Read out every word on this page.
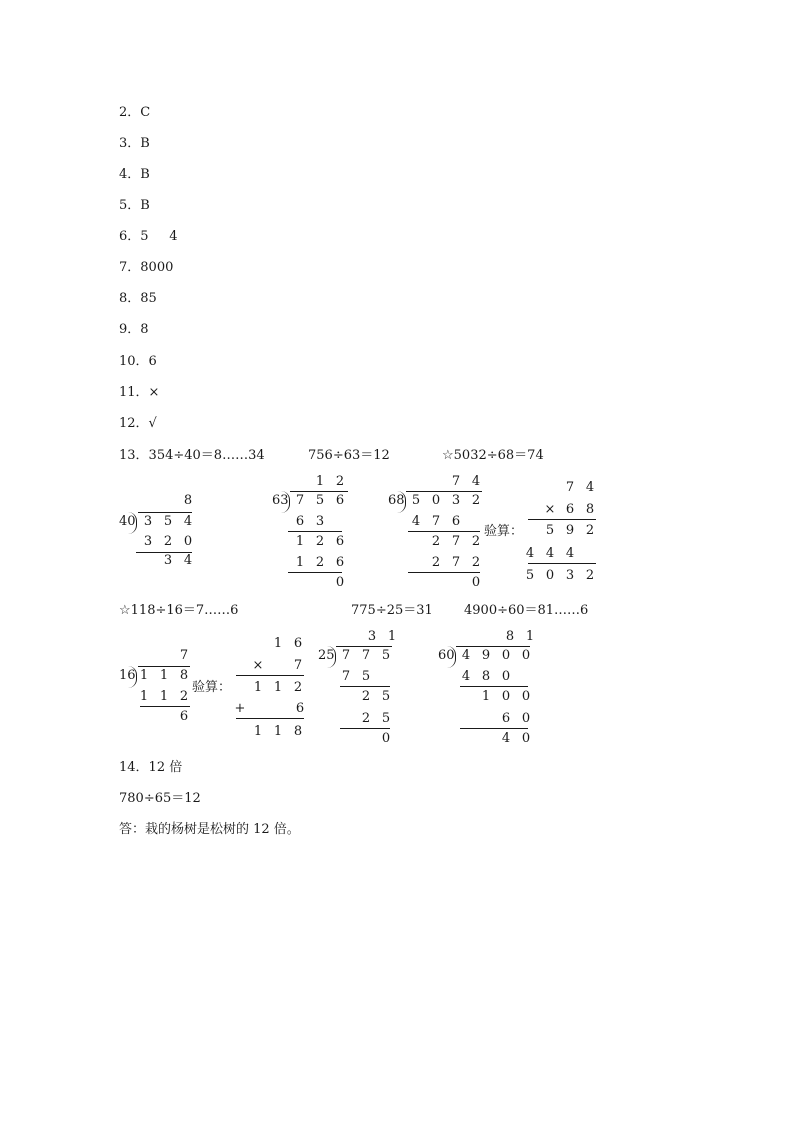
2．C
3．B
4．B
5．B
6．5     4
7．8000
8．85
9．8
10．6
11．×
12．√
13．354÷40＝8……34	756÷63＝12	☆5032÷68＝74
8
40 3 5 4
3 2 0
3 4
1 2
63 7 5 6
6 3
1 2 6
1 2 6
0
7 4
68 5 0 3 2
4 7 6
2 7 2
2 7 2
0
验算：
7 4
× 6 8
5 9 2
4 4 4
5 0 3 2
☆118÷16＝7……6	775÷25＝31 4900÷60＝81……6
7
16 1 1 8
1 1 2
6
验算：
1 6
× 7
1 1 2
+	6
1 1 8
3 1
25 7 7 5
7 5
2 5
2 5
0
8 1
60 4 9 0 0
4 8 0
1 0 0
6 0
4 0
14．12 倍
780÷65＝12
答：栽的杨树是松树的 12 倍。
